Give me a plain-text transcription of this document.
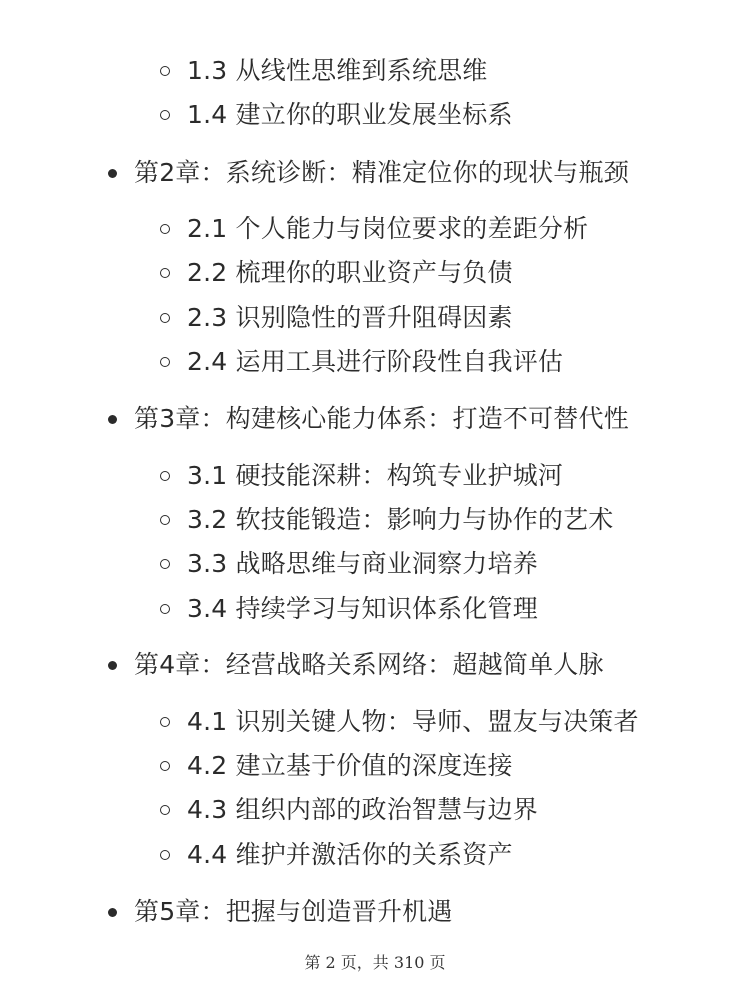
1.3 从线性思维到系统思维
1.4 建立你的职业发展坐标系
第2章：系统诊断：精准定位你的现状与瓶颈
2.1 个人能力与岗位要求的差距分析
2.2 梳理你的职业资产与负债
2.3 识别隐性的晋升阻碍因素
2.4 运用工具进行阶段性自我评估
第3章：构建核心能力体系：打造不可替代性
3.1 硬技能深耕：构筑专业护城河
3.2 软技能锻造：影响力与协作的艺术
3.3 战略思维与商业洞察力培养
3.4 持续学习与知识体系化管理
第4章：经营战略关系网络：超越简单人脉
4.1 识别关键人物：导师、盟友与决策者
4.2 建立基于价值的深度连接
4.3 组织内部的政治智慧与边界
4.4 维护并激活你的关系资产
第5章：把握与创造晋升机遇
第 2 页，共 310 页
